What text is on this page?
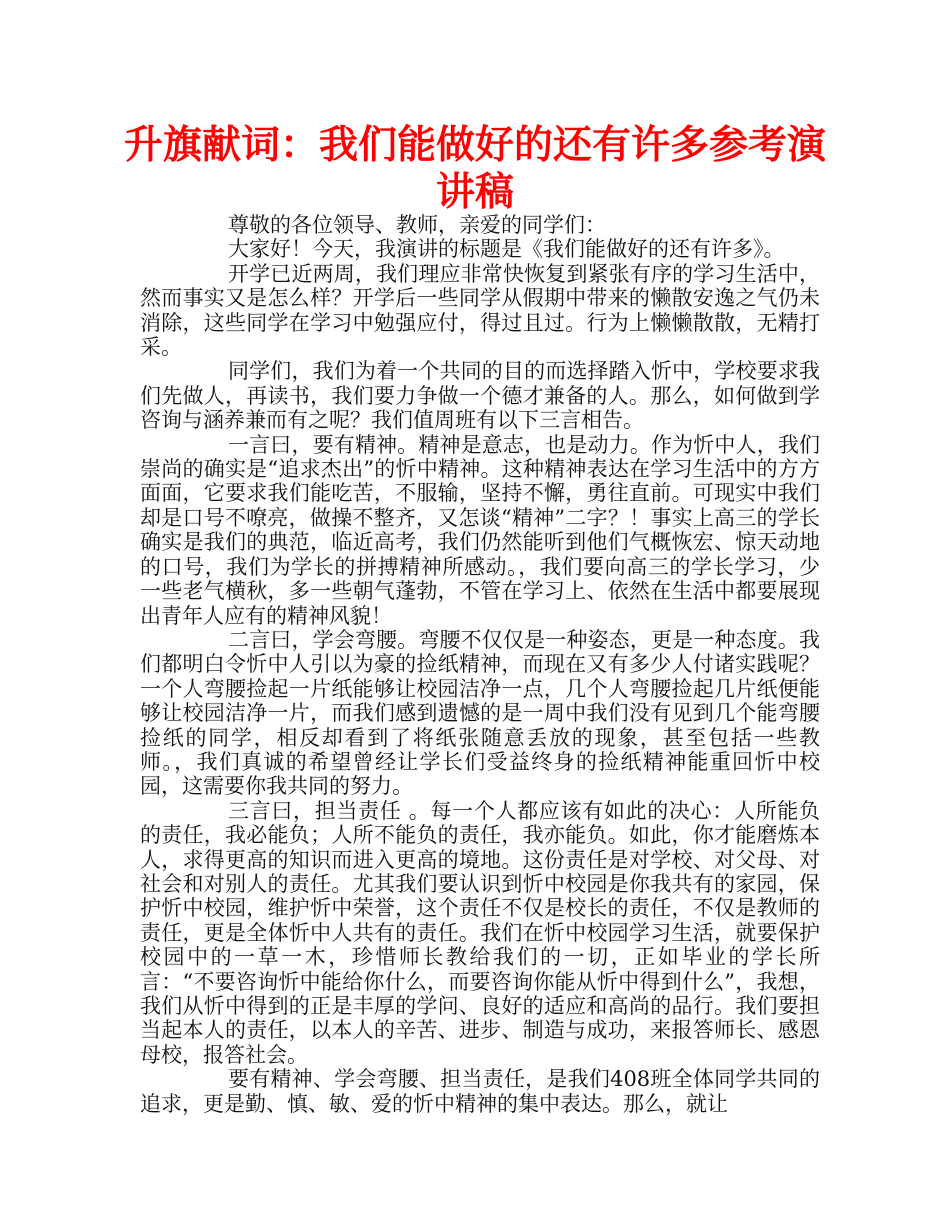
升旗献词：我们能做好的还有许多参考演讲稿

尊敬的各位领导、教师，亲爱的同学们：

大家好！今天，我演讲的标题是《我们能做好的还有许多》。

开学已近两周，我们理应非常快恢复到紧张有序的学习生活中，然而事实又是怎么样？开学后一些同学从假期中带来的懒散安逸之气仍未消除，这些同学在学习中勉强应付，得过且过。行为上懒懒散散，无精打采。

同学们，我们为着一个共同的目的而选择踏入忻中，学校要求我们先做人，再读书，我们要力争做一个德才兼备的人。那么，如何做到学咨询与涵养兼而有之呢？我们值周班有以下三言相告。

一言曰，要有精神。精神是意志，也是动力。作为忻中人，我们崇尚的确实是“追求杰出”的忻中精神。这种精神表达在学习生活中的方方面面，它要求我们能吃苦，不服输，坚持不懈，勇往直前。可现实中我们却是口号不嘹亮，做操不整齐，又怎谈“精神”二字？！事实上高三的学长确实是我们的典范，临近高考，我们仍然能听到他们气概恢宏、惊天动地的口号，我们为学长的拼搏精神所感动。，我们要向高三的学长学习，少一些老气横秋，多一些朝气蓬勃，不管在学习上、依然在生活中都要展现出青年人应有的精神风貌！

二言曰，学会弯腰。弯腰不仅仅是一种姿态，更是一种态度。我们都明白令忻中人引以为豪的捡纸精神，而现在又有多少人付诸实践呢？一个人弯腰捡起一片纸能够让校园洁净一点，几个人弯腰捡起几片纸便能够让校园洁净一片，而我们感到遗憾的是一周中我们没有见到几个能弯腰捡纸的同学，相反却看到了将纸张随意丢放的现象，甚至包括一些教师。，我们真诚的希望曾经让学长们受益终身的捡纸精神能重回忻中校园，这需要你我共同的努力。

三言曰，担当责任 。每一个人都应该有如此的决心：人所能负的责任，我必能负；人所不能负的责任，我亦能负。如此，你才能磨炼本人，求得更高的知识而进入更高的境地。这份责任是对学校、对父母、对社会和对别人的责任。尤其我们要认识到忻中校园是你我共有的家园，保护忻中校园，维护忻中荣誉，这个责任不仅是校长的责任，不仅是教师的责任，更是全体忻中人共有的责任。我们在忻中校园学习生活，就要保护校园中的一草一木，珍惜师长教给我们的一切，正如毕业的学长所言：“不要咨询忻中能给你什么，而要咨询你能从忻中得到什么”，我想，我们从忻中得到的正是丰厚的学问、良好的适应和高尚的品行。我们要担当起本人的责任，以本人的辛苦、进步、制造与成功，来报答师长、感恩母校，报答社会。

要有精神、学会弯腰、担当责任，是我们408班全体同学共同的追求，更是勤、慎、敏、爱的忻中精神的集中表达。那么，就让
